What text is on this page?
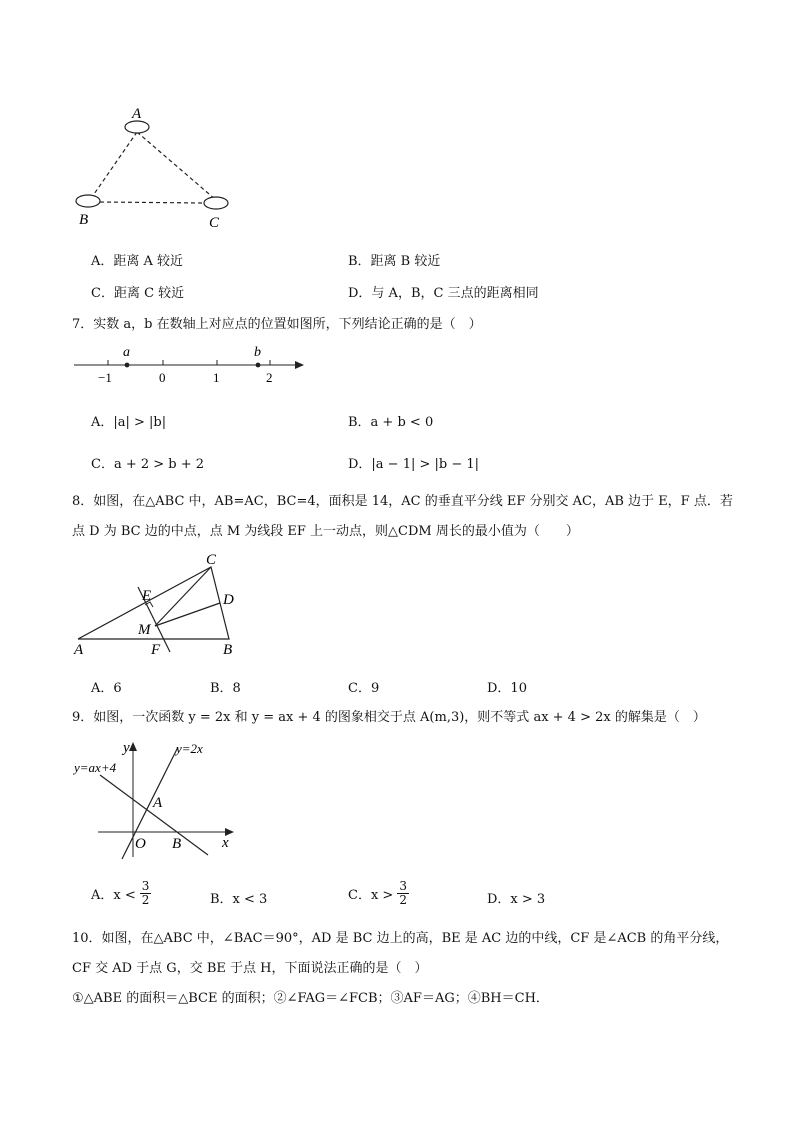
A
B	C
A．距离 A 较近	B．距离 B 较近
C．距离 C 较近	D．与 A，B，C 三点的距离相同
7．实数 a，b 在数轴上对应点的位置如图所，下列结论正确的是（　）
a	b
−1	0	1	2
A．|a| > |b|	B．a + b < 0
C．a + 2 > b + 2	D．|a − 1| > |b − 1|
8．如图，在△ABC 中，AB=AC，BC=4，面积是 14，AC 的垂直平分线 EF 分别交 AC，AB 边于 E，F 点．若
点 D 为 BC 边的中点，点 M 为线段 EF 上一动点，则△CDM 周长的最小值为（　　）
C
E	D
M
A	F	B
A．6	B．8	C．9	D．10
9．如图，一次函数 y = 2x 和 y = ax + 4 的图象相交于点 A(m,3)，则不等式 ax + 4 > 2x 的解集是（　）
y
x
O B
A
y=2x
y=ax+4
A．$x < \frac{3}{2}$	B．x < 3	C．$x > \frac{3}{2}$	D．x > 3
10．如图，在△ABC 中，∠BAC＝90°，AD 是 BC 边上的高，BE 是 AC 边的中线，CF 是∠ACB 的角平分线，
CF 交 AD 于点 G，交 BE 于点 H，下面说法正确的是（　）
①△ABE 的面积＝△BCE 的面积；②∠FAG＝∠FCB；③AF＝AG；④BH＝CH．
